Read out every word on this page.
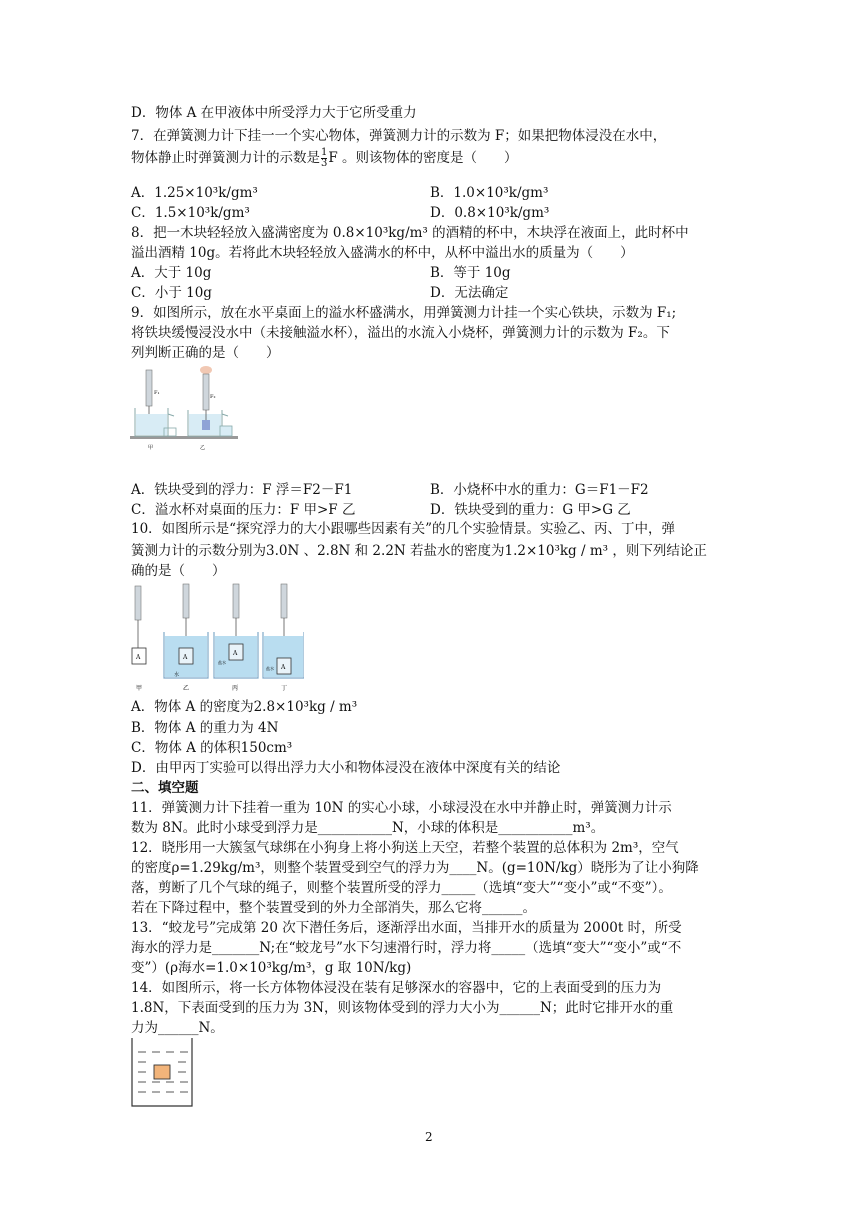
D．物体 A 在甲液体中所受浮力大于它所受重力
7．在弹簧测力计下挂一一个实心物体，弹簧测力计的示数为 F；如果把物体浸没在水中，
物体静止时弹簧测力计的示数是 $\frac{1}{3}$ F 。则该物体的密度是（　　）
A．1.25×10³k/gm³	B．1.0×10³k/gm³
C．1.5×10³k/gm³	D．0.8×10³k/gm³
8．把一木块轻轻放入盛满密度为 0.8×10³kg/m³ 的酒精的杯中，木块浮在液面上，此时杯中
溢出酒精 10g。若将此木块轻轻放入盛满水的杯中，从杯中溢出水的质量为（　　）
A．大于 10g	B．等于 10g
C．小于 10g	D．无法确定
9．如图所示，放在水平桌面上的溢水杯盛满水，用弹簧测力计挂一个实心铁块，示数为 F₁;
将铁块缓慢浸没水中（未接触溢水杯），溢出的水流入小烧杯，弹簧测力计的示数为 F₂。下
列判断正确的是（　　）
F₁
F₂
甲	乙
A．铁块受到的浮力：F 浮＝F2－F1	B．小烧杯中水的重力：G＝F1－F2
C．溢水杯对桌面的压力：F 甲>F 乙	D．铁块受到的重力：G 甲>G 乙
10．如图所示是“探究浮力的大小跟哪些因素有关”的几个实验情景。实验乙、丙、丁中，弹
簧测力计的示数分别为3.0N 、2.8N 和 2.2N 若盐水的密度为1.2×10³kg / m³ ，则下列结论正
确的是（　　）
A	A
水
A
盐水
A
盐水
甲	乙	丙	丁
A．物体 A 的密度为2.8×10³kg / m³
B．物体 A 的重力为 4N
C．物体 A 的体积150cm³
D．由甲丙丁实验可以得出浮力大小和物体浸没在液体中深度有关的结论
二、填空题
11．弹簧测力计下挂着一重为 10N 的实心小球，小球浸没在水中并静止时，弹簧测力计示
数为 8N。此时小球受到浮力是___________N，小球的体积是___________m³。
12．晓彤用一大簇氢气球绑在小狗身上将小狗送上天空，若整个装置的总体积为 2m³，空气
的密度ρ=1.29kg/m³，则整个装置受到空气的浮力为____N。(g=10N/kg）晓彤为了让小狗降
落，剪断了几个气球的绳子，则整个装置所受的浮力_____（选填“变大”“变小”或“不变”）。
若在下降过程中，整个装置受到的外力全部消失，那么它将______。
13．“蛟龙号”完成第 20 次下潜任务后，逐渐浮出水面，当排开水的质量为 2000t 时，所受
海水的浮力是_______N;在“蛟龙号”水下匀速滑行时，浮力将_____（选填“变大”“变小”或“不
变”）(ρ海水=1.0×10³kg/m³，g 取 10N/kg)
14．如图所示，将一长方体物体浸没在装有足够深水的容器中，它的上表面受到的压力为
1.8N，下表面受到的压力为 3N，则该物体受到的浮力大小为______N；此时它排开水的重
力为______N。
2
